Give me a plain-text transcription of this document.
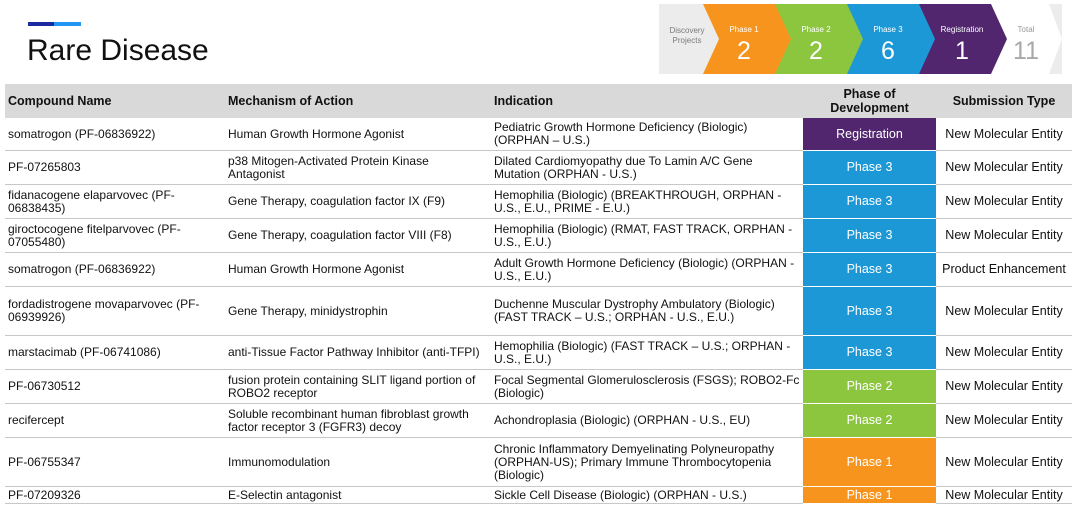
Rare Disease
Discovery Projects
Phase 1
2
Phase 2
2
Phase 3
6
Registration
1
Total
11
Compound Name	Mechanism of Action	Indication	Phase of Development	Submission Type
somatrogon (PF-06836922)	Human Growth Hormone Agonist	Pediatric Growth Hormone Deficiency (Biologic) (ORPHAN – U.S.)	Registration	New Molecular Entity
PF-07265803	p38 Mitogen-Activated Protein Kinase Antagonist	Dilated Cardiomyopathy due To Lamin A/C Gene Mutation (ORPHAN - U.S.)	Phase 3	New Molecular Entity
fidanacogene elaparvovec (PF-06838435)	Gene Therapy, coagulation factor IX (F9)	Hemophilia (Biologic) (BREAKTHROUGH, ORPHAN - U.S., E.U., PRIME - E.U.)	Phase 3	New Molecular Entity
giroctocogene fitelparvovec (PF-07055480)	Gene Therapy, coagulation factor VIII (F8)	Hemophilia (Biologic) (RMAT, FAST TRACK, ORPHAN - U.S., E.U.)	Phase 3	New Molecular Entity
somatrogon (PF-06836922)	Human Growth Hormone Agonist	Adult Growth Hormone Deficiency (Biologic) (ORPHAN - U.S., E.U.)	Phase 3	Product Enhancement
fordadistrogene movaparvovec (PF-06939926)	Gene Therapy, minidystrophin	Duchenne Muscular Dystrophy Ambulatory (Biologic) (FAST TRACK – U.S.; ORPHAN - U.S., E.U.)	Phase 3	New Molecular Entity
marstacimab (PF-06741086)	anti-Tissue Factor Pathway Inhibitor (anti-TFPI)	Hemophilia (Biologic) (FAST TRACK – U.S.; ORPHAN - U.S., E.U.)	Phase 3	New Molecular Entity
PF-06730512	fusion protein containing SLIT ligand portion of ROBO2 receptor	Focal Segmental Glomerulosclerosis (FSGS); ROBO2-Fc (Biologic)	Phase 2	New Molecular Entity
recifercept	Soluble recombinant human fibroblast growth factor receptor 3 (FGFR3) decoy	Achondroplasia (Biologic) (ORPHAN - U.S., EU)	Phase 2	New Molecular Entity
PF-06755347	Immunomodulation	Chronic Inflammatory Demyelinating Polyneuropathy (ORPHAN-US); Primary Immune Thrombocytopenia (Biologic)	Phase 1	New Molecular Entity
PF-07209326	E-Selectin antagonist	Sickle Cell Disease (Biologic) (ORPHAN - U.S.)	Phase 1	New Molecular Entity
